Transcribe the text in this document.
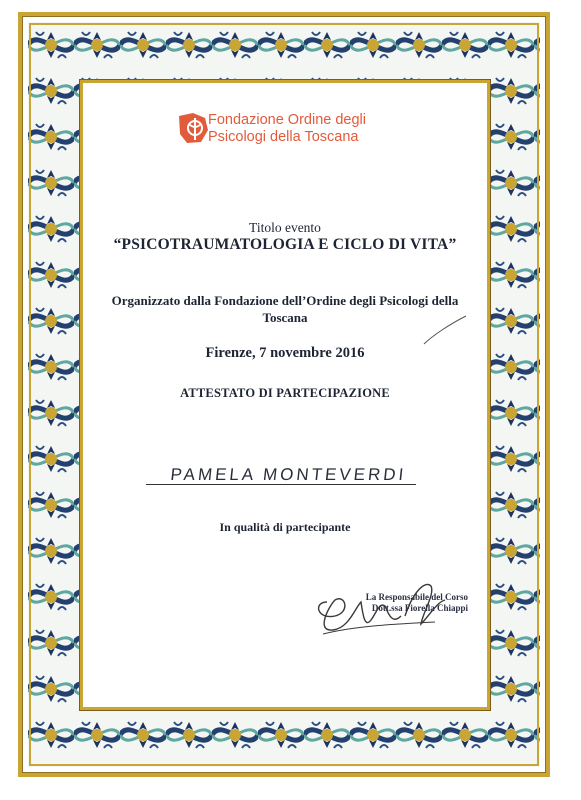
Fondazione Ordine degli
Psicologi della Toscana
Titolo evento
“PSICOTRAUMATOLOGIA E CICLO DI VITA”
Organizzato dalla Fondazione dell’Ordine degli Psicologi della Toscana
Firenze, 7 novembre 2016
ATTESTATO DI PARTECIPAZIONE
PAMELA MONTEVERDI
In qualità di partecipante
La Responsabile del Corso
Dott.ssa Fiorella Chiappi
